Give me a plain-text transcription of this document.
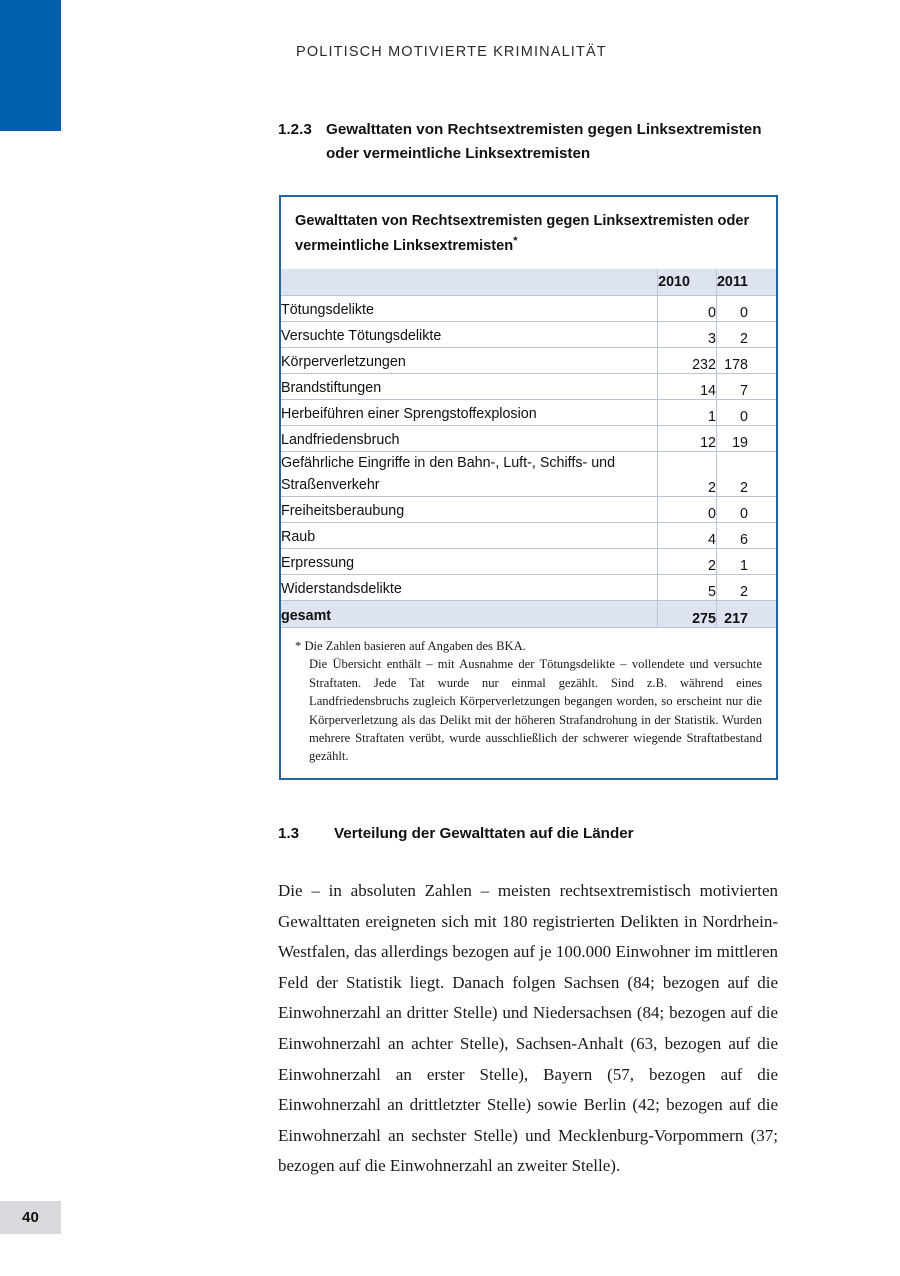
POLITISCH MOTIVIERTE KRIMINALITÄT
1.2.3 Gewalttaten von Rechtsextremisten gegen Linksextremisten oder vermeintliche Linksextremisten
Gewalttaten von Rechtsextremisten gegen Linksextremisten oder vermeintliche Linksextremisten*
	2010	2011
Tötungsdelikte	0	0
Versuchte Tötungsdelikte	3	2
Körperverletzungen	232	178
Brandstiftungen	14	7
Herbeiführen einer Sprengstoffexplosion	1	0
Landfriedensbruch	12	19
Gefährliche Eingriffe in den Bahn-, Luft-, Schiffs- und Straßenverkehr	2	2
Freiheitsberaubung	0	0
Raub	4	6
Erpressung	2	1
Widerstandsdelikte	5	2
gesamt	275	217
* Die Zahlen basieren auf Angaben des BKA.
Die Übersicht enthält – mit Ausnahme der Tötungsdelikte – vollendete und versuchte Straftaten. Jede Tat wurde nur einmal gezählt. Sind z.B. während eines Landfriedensbruchs zugleich Körperverletzungen begangen worden, so erscheint nur die Körperverletzung als das Delikt mit der höheren Strafandrohung in der Statistik. Wurden mehrere Straftaten verübt, wurde ausschließlich der schwerer wiegende Straftatbestand gezählt.
1.3 Verteilung der Gewalttaten auf die Länder
Die – in absoluten Zahlen – meisten rechtsextremistisch motivierten Gewalttaten ereigneten sich mit 180 registrierten Delikten in Nordrhein-Westfalen, das allerdings bezogen auf je 100.000 Einwohner im mittleren Feld der Statistik liegt. Danach folgen Sachsen (84; bezogen auf die Einwohnerzahl an dritter Stelle) und Niedersachsen (84; bezogen auf die Einwohnerzahl an achter Stelle), Sachsen-Anhalt (63, bezogen auf die Einwohnerzahl an erster Stelle), Bayern (57, bezogen auf die Einwohnerzahl an drittletzter Stelle) sowie Berlin (42; bezogen auf die Einwohnerzahl an sechster Stelle) und Mecklenburg-Vorpommern (37; bezogen auf die Einwohnerzahl an zweiter Stelle).
40
